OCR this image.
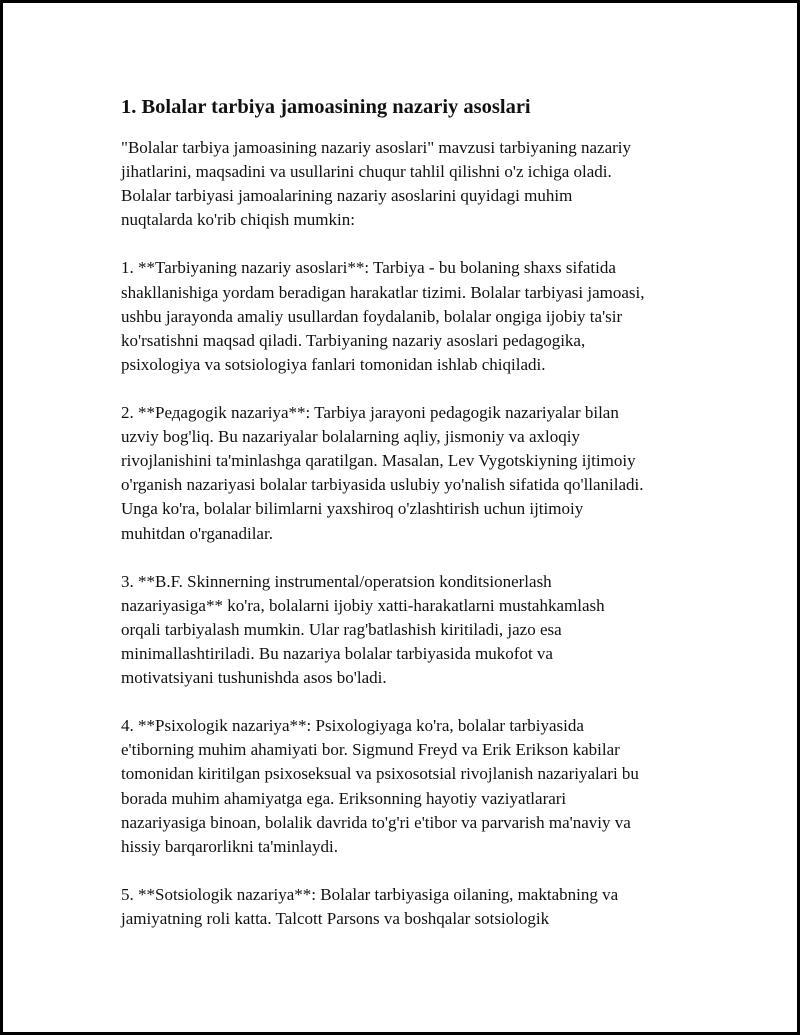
1. Bolalar tarbiya jamoasining nazariy asoslari
"Bolalar tarbiya jamoasining nazariy asoslari" mavzusi tarbiyaning nazariy
jihatlarini, maqsadini va usullarini chuqur tahlil qilishni o'z ichiga oladi.
Bolalar tarbiyasi jamoalarining nazariy asoslarini quyidagi muhim
nuqtalarda ko'rib chiqish mumkin:
1. **Tarbiyaning nazariy asoslari**: Tarbiya - bu bolaning shaxs sifatida
shakllanishiga yordam beradigan harakatlar tizimi. Bolalar tarbiyasi jamoasi,
ushbu jarayonda amaliy usullardan foydalanib, bolalar ongiga ijobiy ta'sir
ko'rsatishni maqsad qiladi. Tarbiyaning nazariy asoslari pedagogika,
psixologiya va sotsiologiya fanlari tomonidan ishlab chiqiladi.
2. **Pедagogik nazariya**: Tarbiya jarayoni pedagogik nazariyalar bilan
uzviy bog'liq. Bu nazariyalar bolalarning aqliy, jismoniy va axloqiy
rivojlanishini ta'minlashga qaratilgan. Masalan, Lev Vygotskiyning ijtimoiy
o'rganish nazariyasi bolalar tarbiyasida uslubiy yo'nalish sifatida qo'llaniladi.
Unga ko'ra, bolalar bilimlarni yaxshiroq o'zlashtirish uchun ijtimoiy
muhitdan o'rganadilar.
3. **B.F. Skinnerning instrumental/operatsion konditsionerlash
nazariyasiga** ko'ra, bolalarni ijobiy xatti-harakatlarni mustahkamlash
orqali tarbiyalash mumkin. Ular rag'batlashish kiritiladi, jazo esa
minimallashtiriladi. Bu nazariya bolalar tarbiyasida mukofot va
motivatsiyani tushunishda asos bo'ladi.
4. **Psixologik nazariya**: Psixologiyaga ko'ra, bolalar tarbiyasida
e'tiborning muhim ahamiyati bor. Sigmund Freyd va Erik Erikson kabilar
tomonidan kiritilgan psixoseksual va psixosotsial rivojlanish nazariyalari bu
borada muhim ahamiyatga ega. Eriksonning hayotiy vaziyatlarari
nazariyasiga binoan, bolalik davrida to'g'ri e'tibor va parvarish ma'naviy va
hissiy barqarorlikni ta'minlaydi.
5. **Sotsiologik nazariya**: Bolalar tarbiyasiga oilaning, maktabning va
jamiyatning roli katta. Talcott Parsons va boshqalar sotsiologik
